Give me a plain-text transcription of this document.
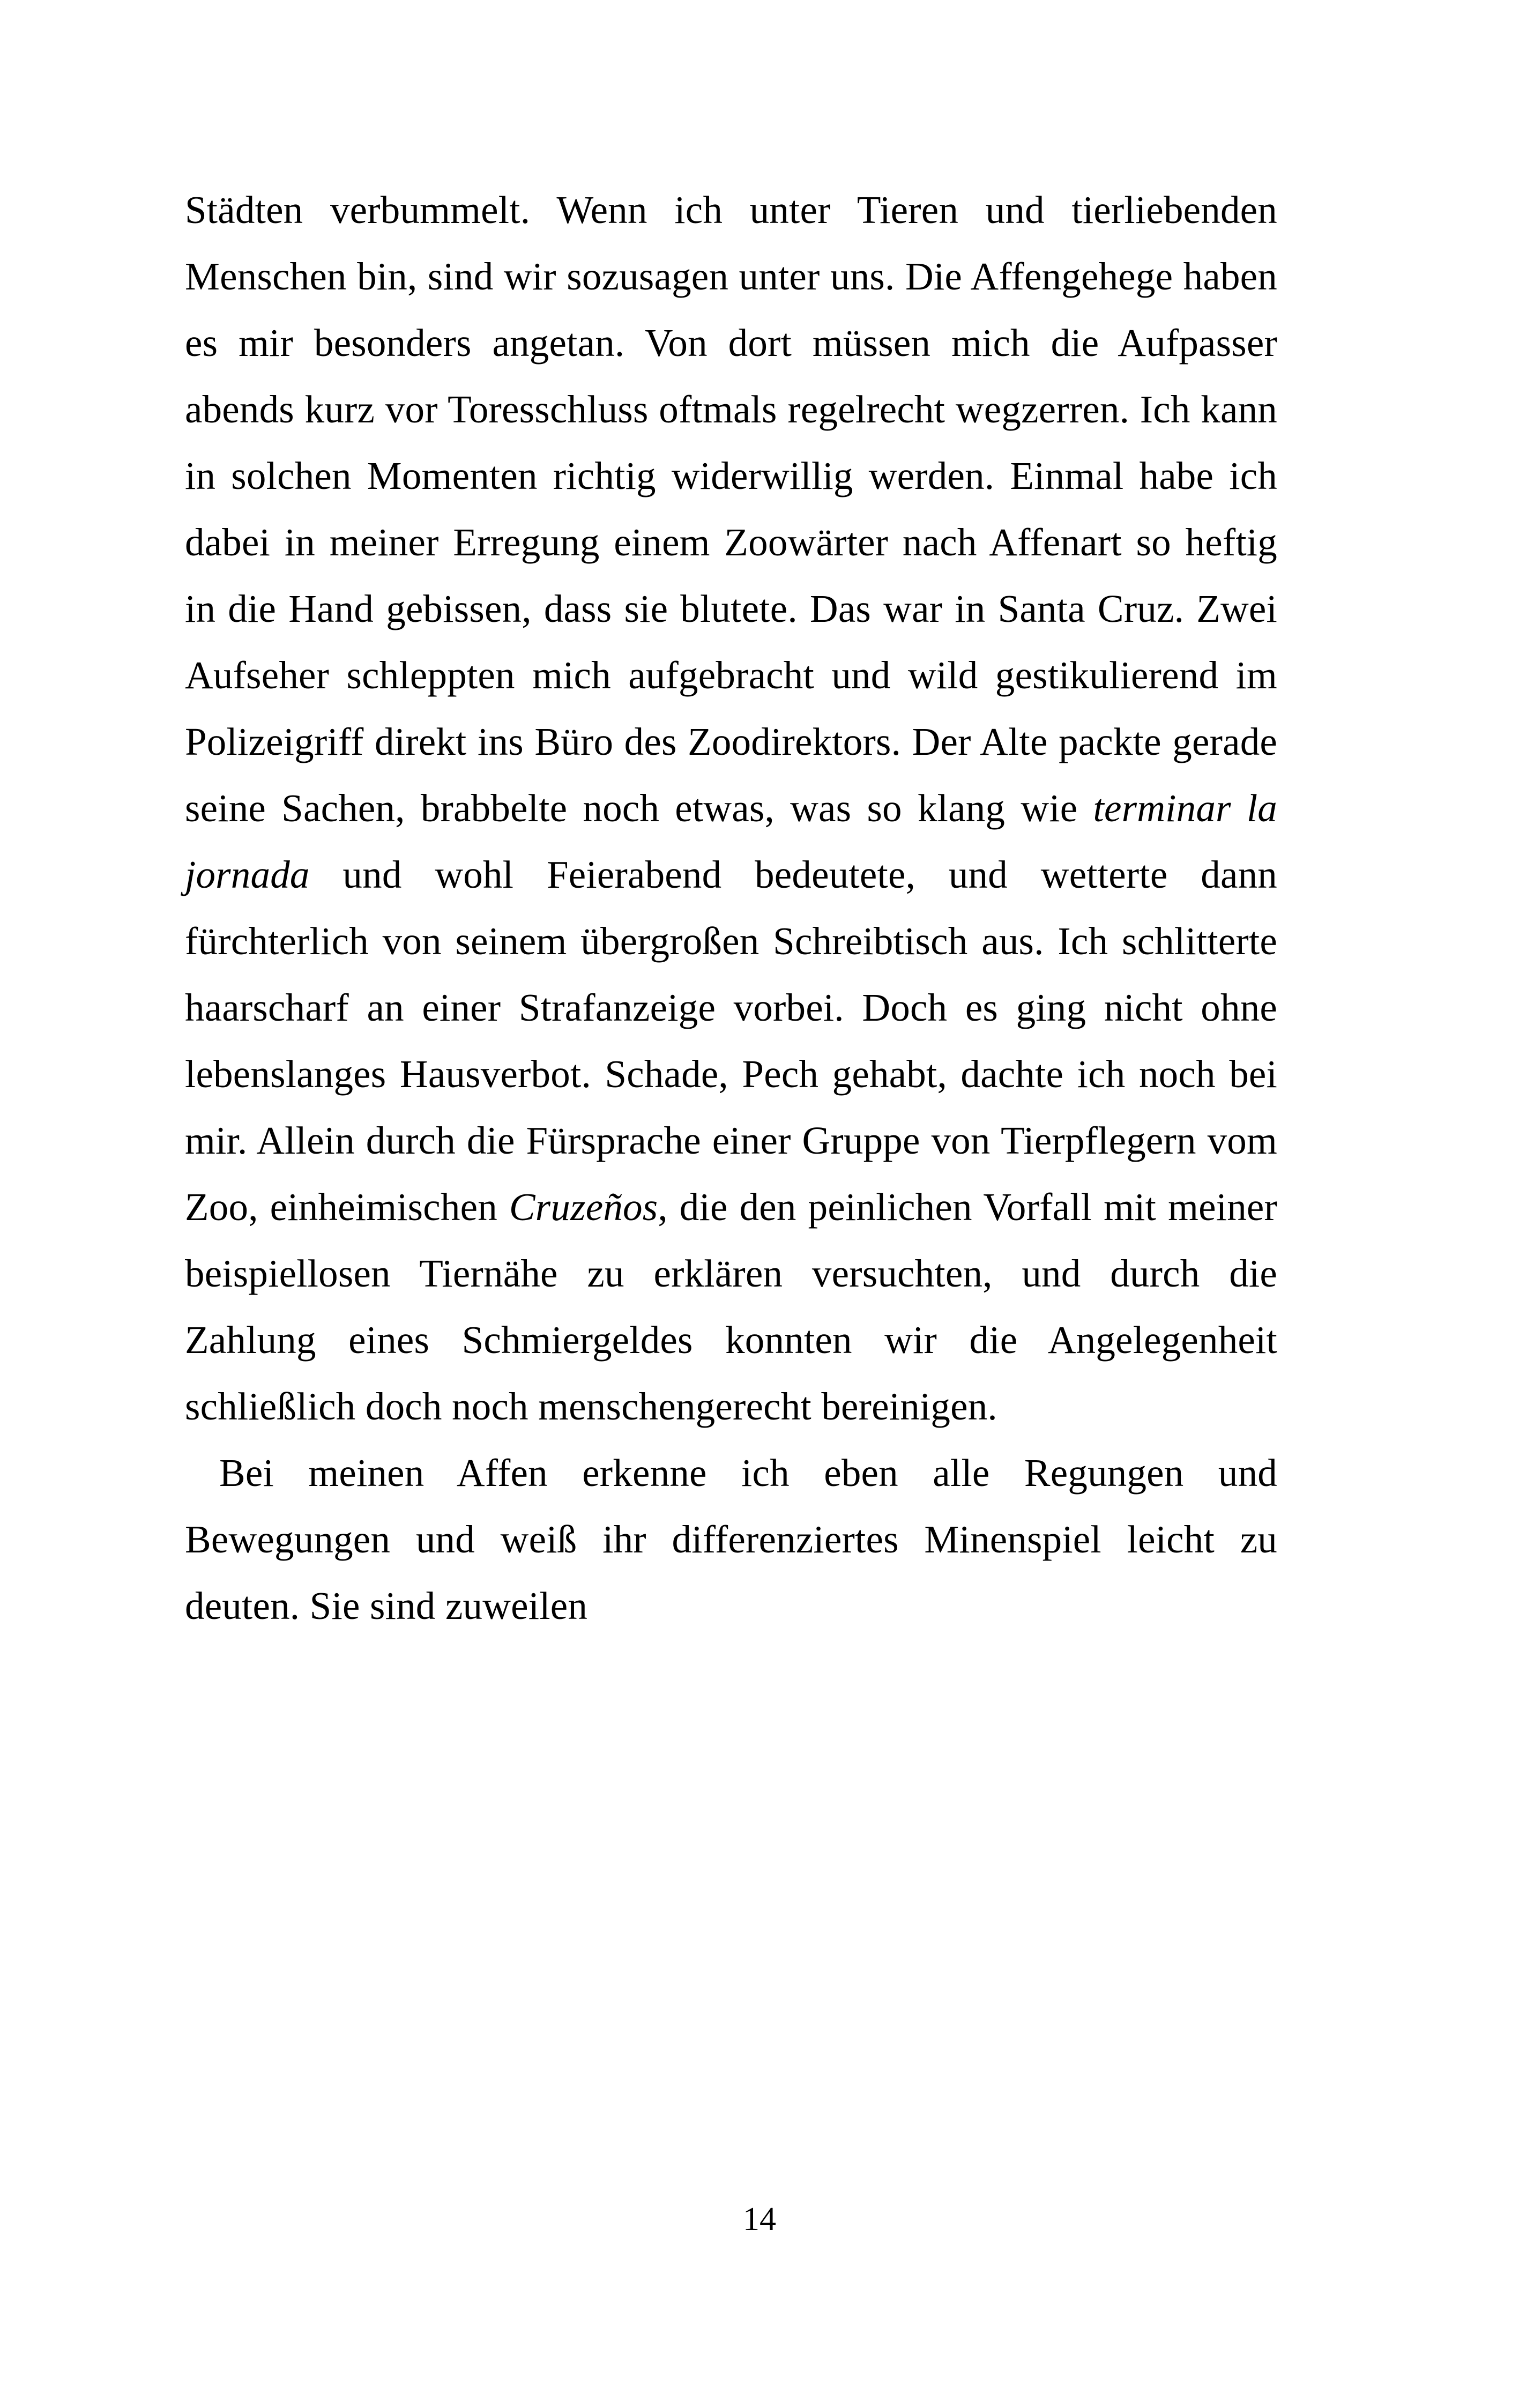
Städten verbummelt. Wenn ich unter Tieren und tierliebenden Menschen bin, sind wir sozusagen unter uns. Die Affengehege haben es mir besonders angetan. Von dort müssen mich die Aufpasser abends kurz vor Toresschluss oftmals regelrecht wegzerren. Ich kann in solchen Momenten richtig widerwillig werden. Einmal habe ich dabei in meiner Erregung einem Zoowärter nach Affenart so heftig in die Hand gebissen, dass sie blutete. Das war in Santa Cruz. Zwei Aufseher schleppten mich aufgebracht und wild gestikulierend im Polizeigriff direkt ins Büro des Zoodirektors. Der Alte packte gerade seine Sachen, brabbelte noch etwas, was so klang wie terminar la jornada und wohl Feierabend bedeutete, und wetterte dann fürchterlich von seinem übergroßen Schreibtisch aus. Ich schlitterte haarscharf an einer Strafanzeige vorbei. Doch es ging nicht ohne lebenslanges Hausverbot. Schade, Pech gehabt, dachte ich noch bei mir. Allein durch die Fürsprache einer Gruppe von Tierpflegern vom Zoo, einheimischen Cruzeños, die den peinlichen Vorfall mit meiner beispiellosen Tiernähe zu erklären versuchten, und durch die Zahlung eines Schmiergeldes konnten wir die Angelegenheit schließlich doch noch menschengerecht bereinigen.

Bei meinen Affen erkenne ich eben alle Regungen und Bewegungen und weiß ihr differenziertes Minenspiel leicht zu deuten. Sie sind zuweilen

14
